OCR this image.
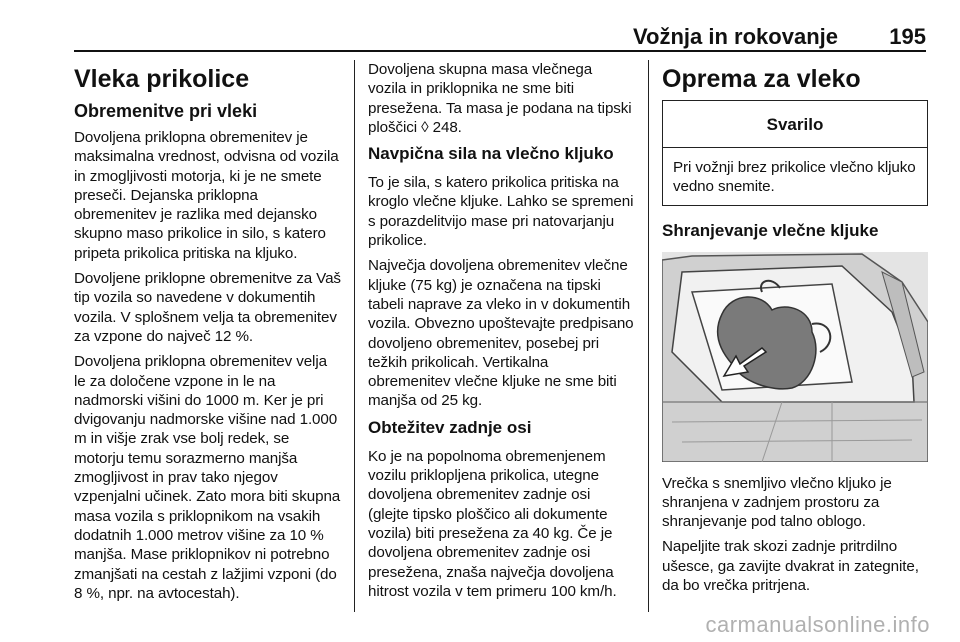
Vožnja in rokovanje 195
Vleka prikolice
Obremenitve pri vleki

Dovoljena priklopna obremenitev je maksimalna vrednost, odvisna od vozila in zmogljivosti motorja, ki je ne smete preseči. Dejanska priklopna obremenitev je razlika med dejansko skupno maso prikolice in silo, s katero pripeta prikolica pritiska na kljuko.

Dovoljene priklopne obremenitve za Vaš tip vozila so navedene v dokumentih vozila. V splošnem velja ta obremenitev za vzpone do največ 12 %.

Dovoljena priklopna obremenitev velja le za določene vzpone in le na nadmorski višini do 1000 m. Ker je pri dvigovanju nadmorske višine nad 1.000 m in višje zrak vse bolj redek, se motorju temu sorazmerno manjša zmogljivost in prav tako njegov vzpenjalni učinek. Zato mora biti skupna masa vozila s priklopnikom na vsakih dodatnih 1.000 metrov višine za 10 % manjša. Mase priklopnikov ni potrebno zmanjšati na cestah z lažjimi vzponi (do 8 %, npr. na avtocestah).

Dovoljena skupna masa vlečnega vozila in priklopnika ne sme biti presežena. Ta masa je podana na tipski ploščici ◊ 248.

Navpična sila na vlečno kljuko

To je sila, s katero prikolica pritiska na kroglo vlečne kljuke. Lahko se spremeni s porazdelitvijo mase pri natovarjanju prikolice.

Največja dovoljena obremenitev vlečne kljuke (75 kg) je označena na tipski tabeli naprave za vleko in v dokumentih vozila. Obvezno upoštevajte predpisano dovoljeno obremenitev, posebej pri težkih prikolicah. Vertikalna obremenitev vlečne kljuke ne sme biti manjša od 25 kg.

Obtežitev zadnje osi

Ko je na popolnoma obremenjenem vozilu priklopljena prikolica, utegne dovoljena obremenitev zadnje osi (glejte tipsko ploščico ali dokumente vozila) biti presežena za 40 kg. Če je dovoljena obremenitev zadnje osi presežena, znaša največja dovoljena hitrost vozila v tem primeru 100 km/h.

Oprema za vleko
Svarilo

Pri vožnji brez prikolice vlečno kljuko vedno snemite.

Shranjevanje vlečne kljuke

Vrečka s snemljivo vlečno kljuko je shranjena v zadnjem prostoru za shranjevanje pod talno oblogo.

Napeljite trak skozi zadnje pritrdilno ušesce, ga zavijte dvakrat in zategnite, da bo vrečka pritrjena.

carmanualsonline.info
